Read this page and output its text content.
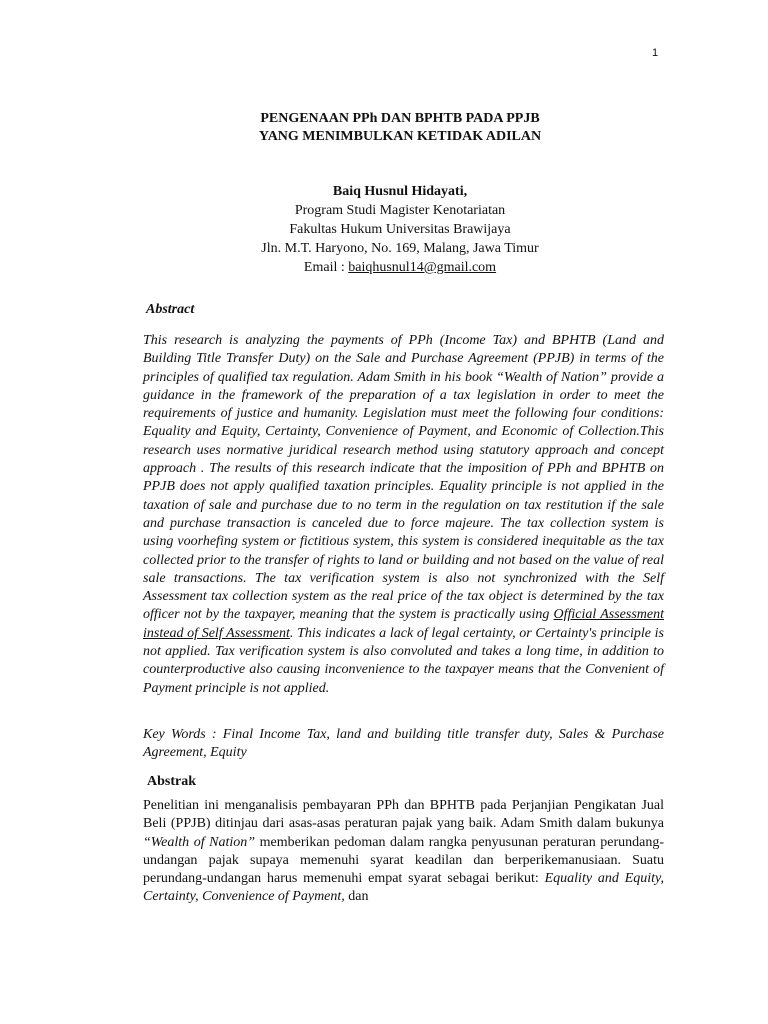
1
PENGENAAN PPh DAN BPHTB PADA PPJB
YANG MENIMBULKAN KETIDAK ADILAN
Baiq Husnul Hidayati,
Program Studi Magister Kenotariatan
Fakultas Hukum Universitas Brawijaya
Jln. M.T. Haryono, No. 169, Malang, Jawa Timur
Email : baiqhusnul14@gmail.com
Abstract

This research is analyzing the payments of PPh (Income Tax) and BPHTB (Land and Building Title Transfer Duty) on the Sale and Purchase Agreement (PPJB) in terms of the principles of qualified tax regulation. Adam Smith in his book “Wealth of Nation” provide a guidance in the framework of the preparation of a tax legislation in order to meet the requirements of justice and humanity. Legislation must meet the following four conditions: Equality and Equity, Certainty, Convenience of Payment, and Economic of Collection.This research uses normative juridical research method using statutory approach and concept approach . The results of this research indicate that the imposition of PPh and BPHTB on PPJB does not apply qualified taxation principles. Equality principle is not applied in the taxation of sale and purchase due to no term in the regulation on tax restitution if the sale and purchase transaction is canceled due to force majeure. The tax collection system is using voorhefing system or fictitious system, this system is considered inequitable as the tax collected prior to the transfer of rights to land or building and not based on the value of real sale transactions. The tax verification system is also not synchronized with the Self Assessment tax collection system as the real price of the tax object is determined by the tax officer not by the taxpayer, meaning that the system is practically using Official Assessment instead of Self Assessment. This indicates a lack of legal certainty, or Certainty's principle is not applied. Tax verification system is also convoluted and takes a long time, in addition to counterproductive also causing inconvenience to the taxpayer means that the Convenient of Payment principle is not applied.

Key Words : Final Income Tax, land and building title transfer duty, Sales & Purchase Agreement, Equity

Abstrak

Penelitian ini menganalisis pembayaran PPh dan BPHTB pada Perjanjian Pengikatan Jual Beli (PPJB) ditinjau dari asas-asas peraturan pajak yang baik. Adam Smith dalam bukunya “Wealth of Nation” memberikan pedoman dalam rangka penyusunan peraturan perundang-undangan pajak supaya memenuhi syarat keadilan dan berperikemanusiaan. Suatu perundang-undangan harus memenuhi empat syarat sebagai berikut: Equality and Equity, Certainty, Convenience of Payment, dan
